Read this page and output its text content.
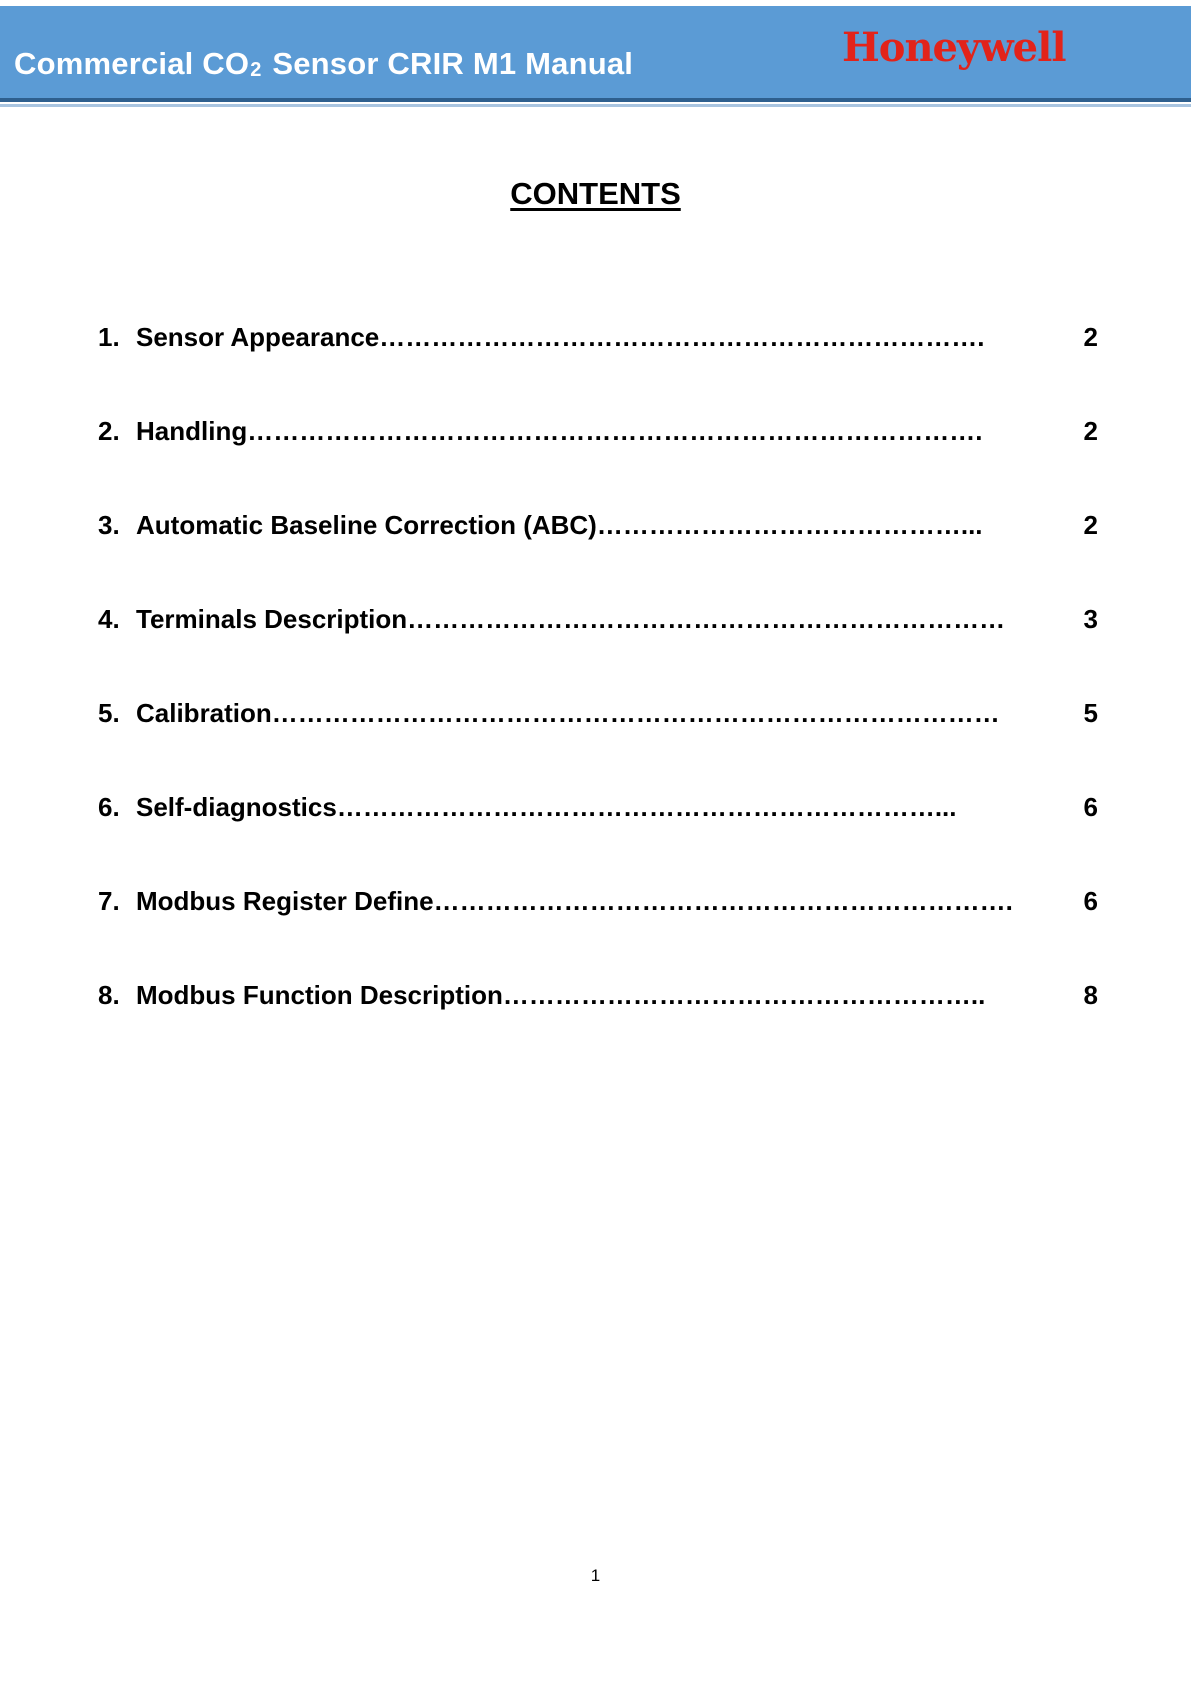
Commercial CO2 Sensor CRIR M1 Manual	Honeywell
CONTENTS
1. Sensor Appearance …………………………………………………………….	2
2. Handling ………………………………………………………………………….	2
3. Automatic Baseline Correction (ABC) ……………………………………...	2
4. Terminals Description ……………………………………………………………	3
5. Calibration …………………………………………………………………………	5
6. Self-diagnostics ……………………………………………………………...	6
7. Modbus Register Define ………………………………………………………….	6
8. Modbus Function Description ………………………………………………..	8
1
